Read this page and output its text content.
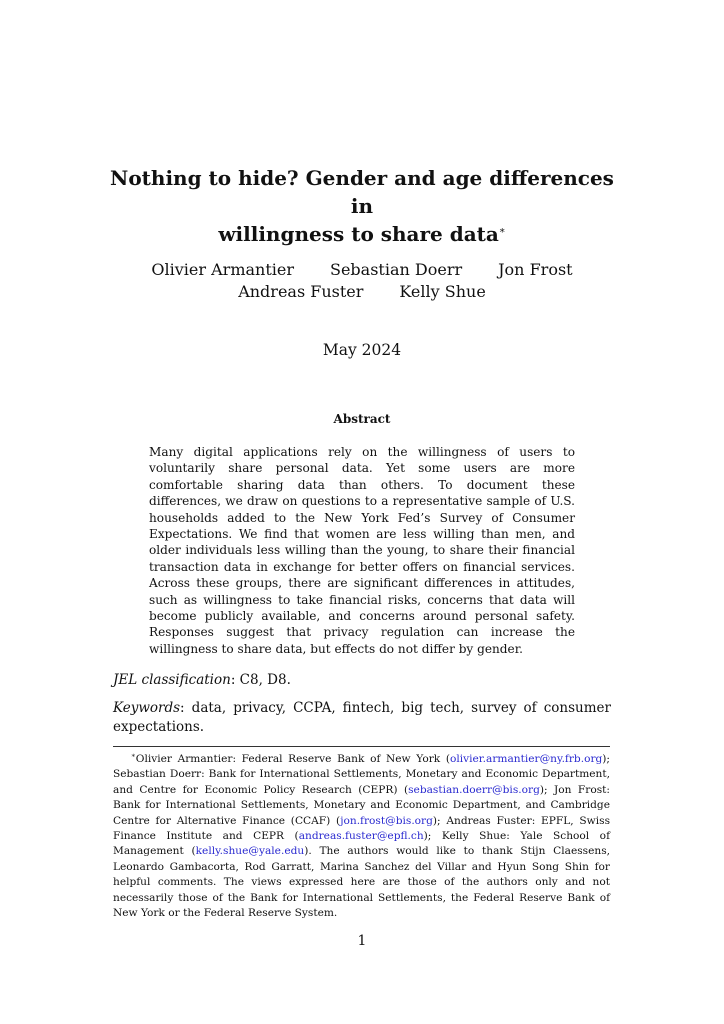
Nothing to hide? Gender and age differences in
willingness to share data∗
Olivier Armantier Sebastian Doerr Jon Frost
Andreas Fuster Kelly Shue
May 2024
Abstract
Many digital applications rely on the willingness of users to voluntarily share personal data. Yet some users are more comfortable sharing data than others. To document these differences, we draw on questions to a representative sample of U.S. households added to the New York Fed’s Survey of Consumer Expectations. We find that women are less willing than men, and older individuals less willing than the young, to share their financial transaction data in exchange for better offers on financial services. Across these groups, there are significant differences in attitudes, such as willingness to take financial risks, concerns that data will become publicly available, and concerns around personal safety. Responses suggest that privacy regulation can increase the willingness to share data, but effects do not differ by gender.
JEL classification: C8, D8.
Keywords: data, privacy, CCPA, fintech, big tech, survey of consumer expectations.
∗Olivier Armantier: Federal Reserve Bank of New York (olivier.armantier@ny.frb.org); Sebastian Doerr: Bank for International Settlements, Monetary and Economic Department, and Centre for Economic Policy Research (CEPR) (sebastian.doerr@bis.org); Jon Frost: Bank for International Settlements, Monetary and Economic Department, and Cambridge Centre for Alternative Finance (CCAF) (jon.frost@bis.org); Andreas Fuster: EPFL, Swiss Finance Institute and CEPR (andreas.fuster@epfl.ch); Kelly Shue: Yale School of Management (kelly.shue@yale.edu). The authors would like to thank Stijn Claessens, Leonardo Gambacorta, Rod Garratt, Marina Sanchez del Villar and Hyun Song Shin for helpful comments. The views expressed here are those of the authors only and not necessarily those of the Bank for International Settlements, the Federal Reserve Bank of New York or the Federal Reserve System.
1
